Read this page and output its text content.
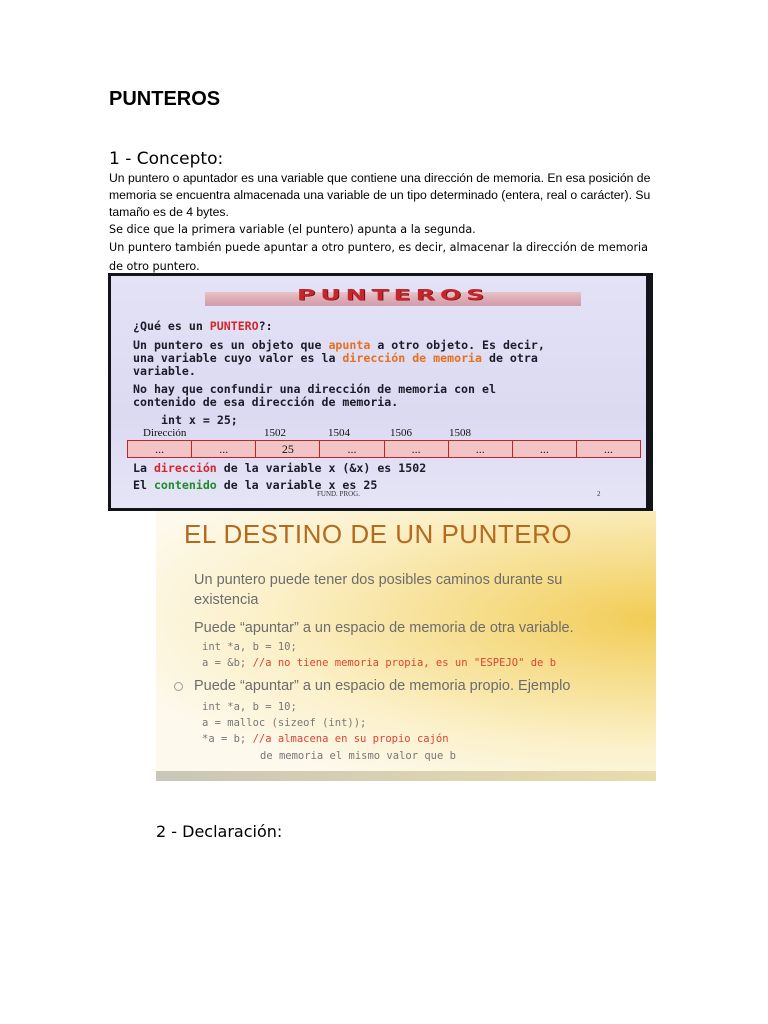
PUNTEROS
1 - Concepto:
Un puntero o apuntador es una variable que contiene una dirección de memoria. En esa posición de memoria se encuentra almacenada una variable de un tipo determinado (entera, real o carácter). Su tamaño es de 4 bytes.
Se dice que la primera variable (el puntero) apunta a la segunda.
Un puntero también puede apuntar a otro puntero, es decir, almacenar la dirección de memoria de otro puntero.
PUNTEROS
¿Qué es un PUNTERO?:
Un puntero es un objeto que apunta a otro objeto. Es decir,
una variable cuyo valor es la dirección de memoria de otra
variable.
No hay que confundir una dirección de memoria con el
contenido de esa dirección de memoria.
int x = 25;
Dirección	1502	1504	1506	1508
...	...	25	...	...	...	...	...
La dirección de la variable x (&x) es 1502
El contenido de la variable x es 25
FUND. PROG.	2
EL DESTINO DE UN PUNTERO
Un puntero puede tener dos posibles caminos durante su
existencia
Puede “apuntar” a un espacio de memoria de otra variable.
int *a, b = 10;
a = &b; //a no tiene memoria propia, es un "ESPEJO" de b
Puede “apuntar” a un espacio de memoria propio. Ejemplo
int *a, b = 10;
a = malloc (sizeof (int));
*a = b; //a almacena en su propio cajón
de memoria el mismo valor que b
2 - Declaración:
